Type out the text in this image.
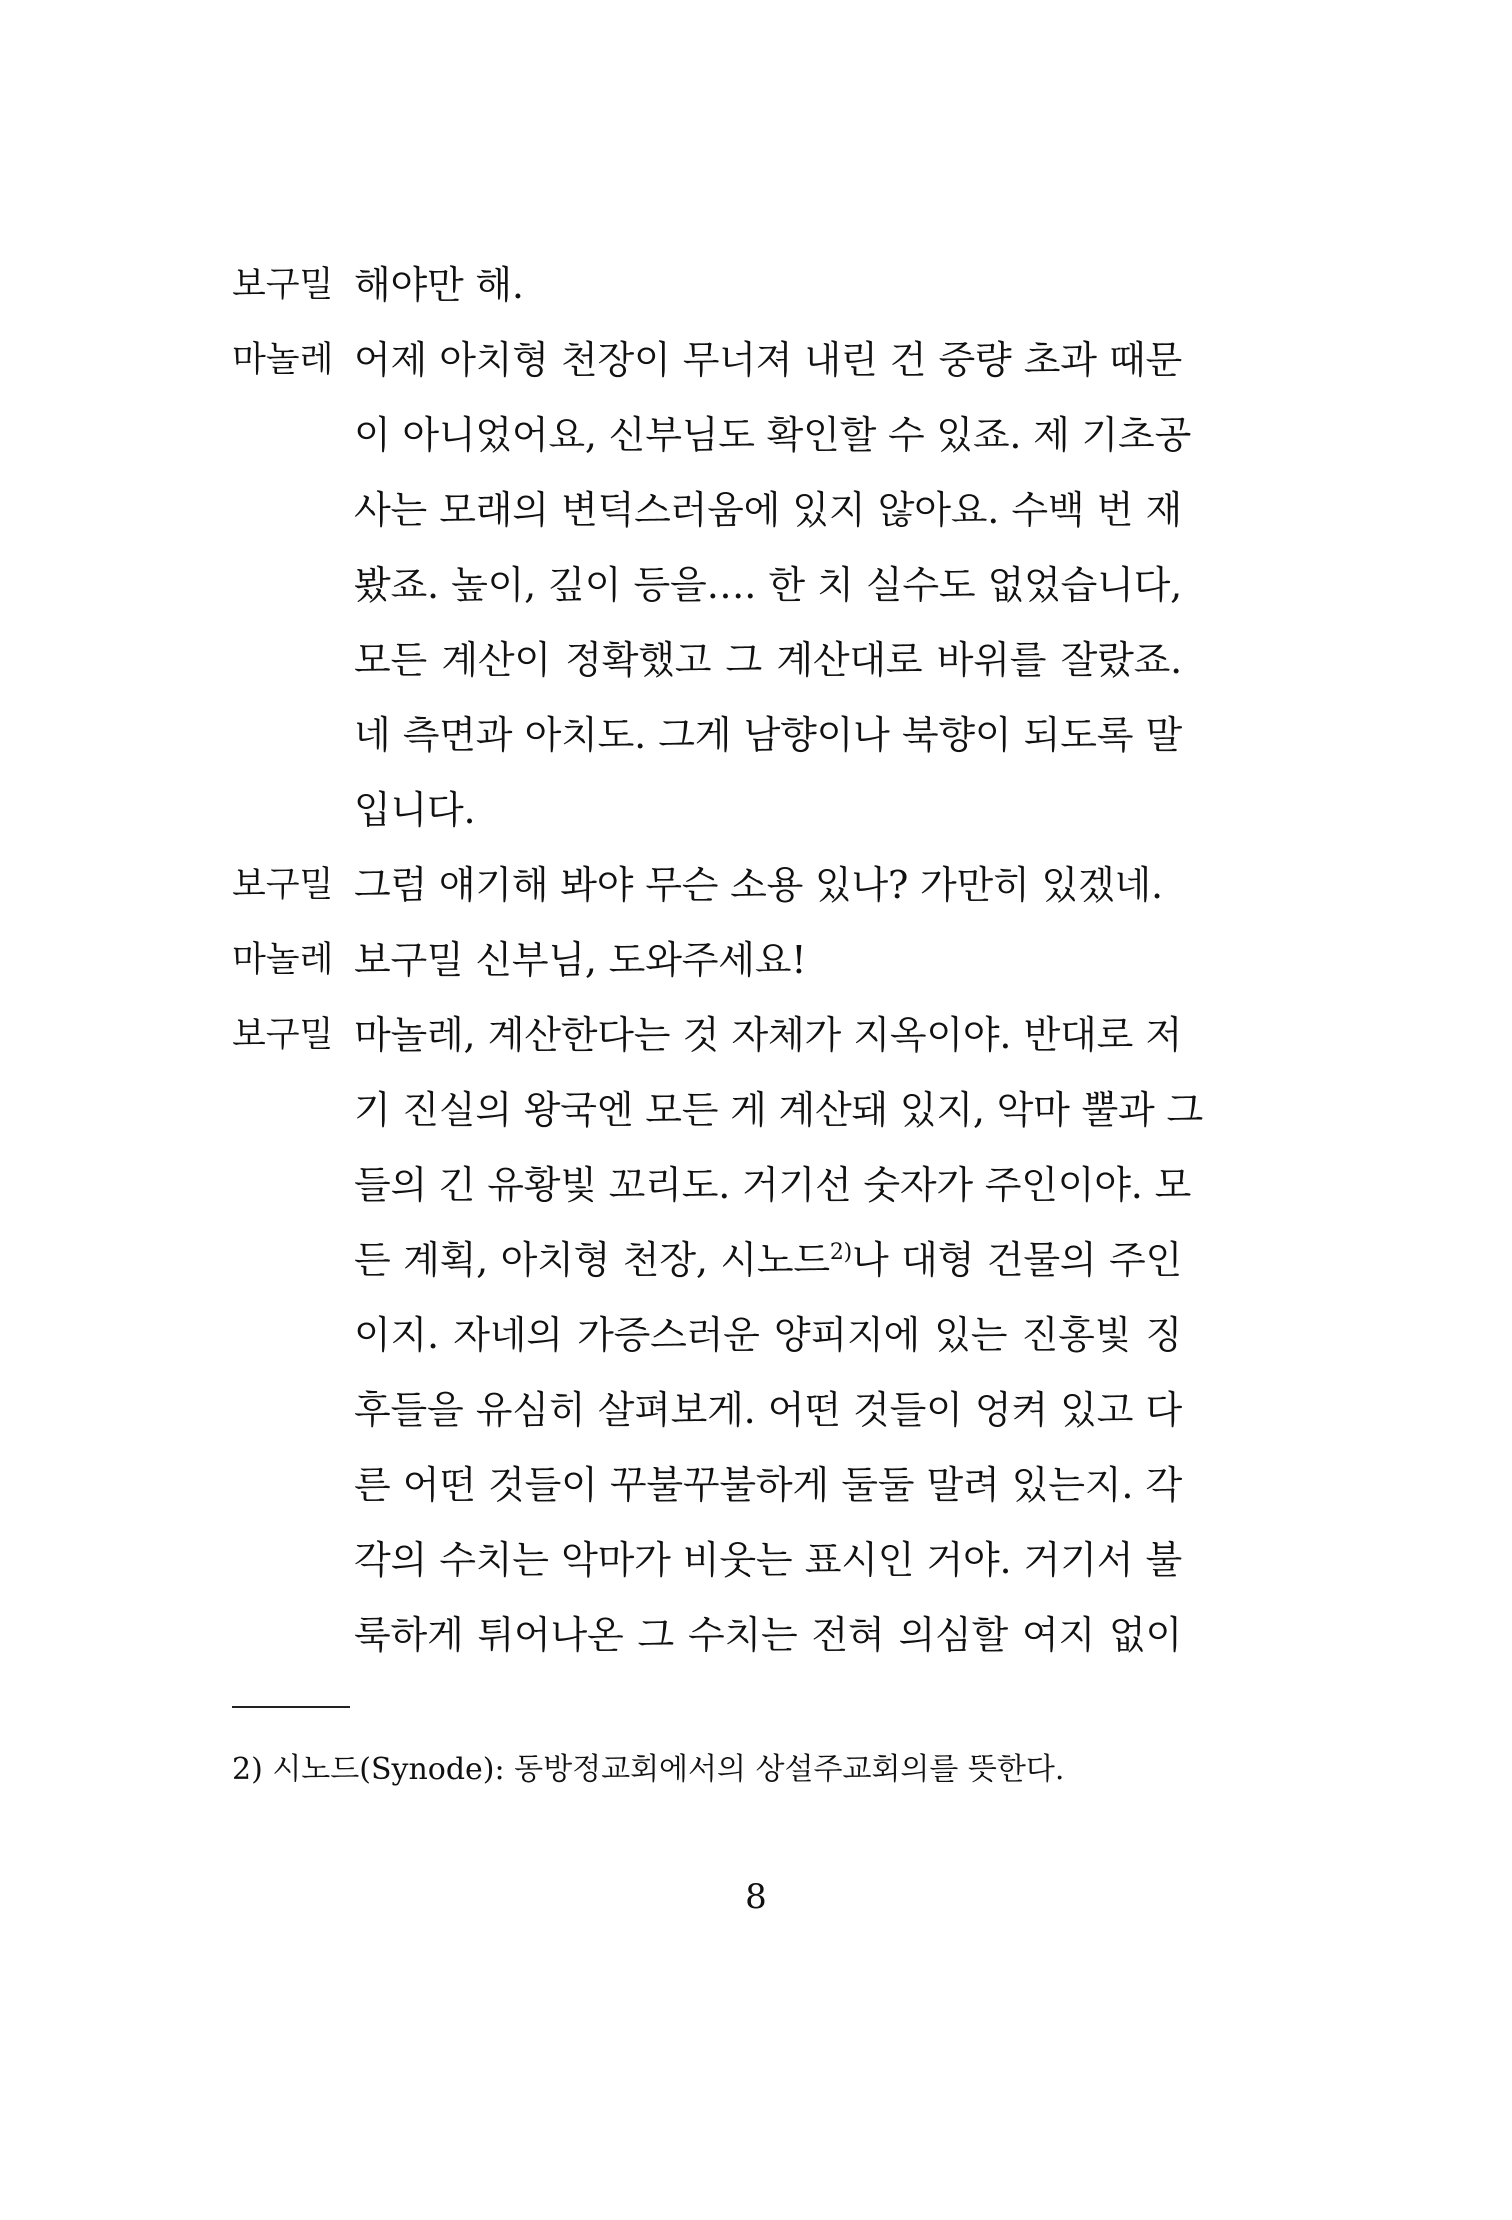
보구밀 해야만 해.
마놀레 어제 아치형 천장이 무너져 내린 건 중량 초과 때문
이 아니었어요, 신부님도 확인할 수 있죠. 제 기초공
사는 모래의 변덕스러움에 있지 않아요. 수백 번 재
봤죠. 높이, 깊이 등을…. 한 치 실수도 없었습니다,
모든 계산이 정확했고 그 계산대로 바위를 잘랐죠.
네 측면과 아치도. 그게 남향이나 북향이 되도록 말
입니다.
보구밀 그럼 얘기해 봐야 무슨 소용 있나? 가만히 있겠네.
마놀레 보구밀 신부님, 도와주세요!
보구밀 마놀레, 계산한다는 것 자체가 지옥이야. 반대로 저
기 진실의 왕국엔 모든 게 계산돼 있지, 악마 뿔과 그
들의 긴 유황빛 꼬리도. 거기선 숫자가 주인이야. 모
든 계획, 아치형 천장, 시노드$^{2)}$나 대형 건물의 주인
이지. 자네의 가증스러운 양피지에 있는 진홍빛 징
후들을 유심히 살펴보게. 어떤 것들이 엉켜 있고 다
른 어떤 것들이 꾸불꾸불하게 둘둘 말려 있는지. 각
각의 수치는 악마가 비웃는 표시인 거야. 거기서 불
룩하게 튀어나온 그 수치는 전혀 의심할 여지 없이
2) 시노드(Synode): 동방정교회에서의 상설주교회의를 뜻한다.
8
